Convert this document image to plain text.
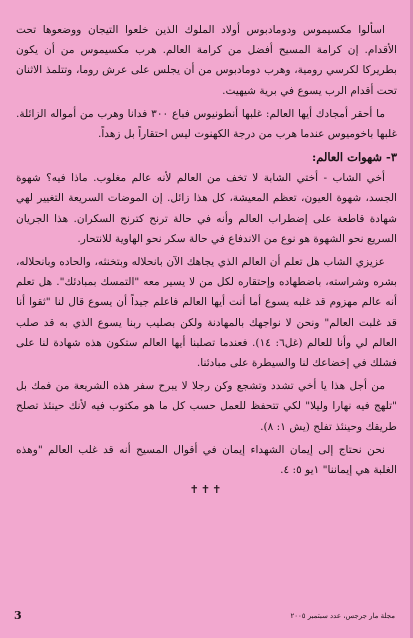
اسألوا مكسيموس ودومادبوس أولاد الملوك الذين خلعوا التيجان ووضعوها تحت الأقدام. إن كرامة المسيح أفضل من كرامة العالم. هرب مكسيموس من أن يكون بطريركا لكرسي رومية، وهرب دومادبوس من أن يجلس على عرش روما، وتتلمذ الاثنان تحت أقدام الرب يسوع في برية شيهيت.

ما أحقر أمجادك أيها العالم: غلبها أنطونيوس فباع ٣٠٠ فدانا وهرب من أمواله الزائلة. غلبها باخوميوس عندما هرب من درجة الكهنوت ليس احتقاراً بل زهداً.

٣- شهوات العالم:

أخي الشاب - أختي الشابة لا تخف من العالم لأنه عالم مغلوب. ماذا فيه؟ شهوة الجسد، شهوة العيون، تعظم المعيشة، كل هذا زائل. إن الموضات السريعة التغيير لهي شهادة قاطعة على إضطراب العالم وأنه في حالة ترنح كترنح السكران. هذا الجريان السريع نحو الشهوة هو نوع من الاندفاع في حالة سكر نحو الهاوية للانتحار.

عزيزي الشاب هل تعلم أن العالم الذي يجاهك الآن بانحلاله وبتخنثه، والحاده وبانحلاله، بشره وشراسته، باضطهاده وإحتقاره لكل من لا يسير معه "التمسك بمبادئك". هل تعلم أنه عالم مهزوم قد غلبه يسوع أما أنت أيها العالم فاعلم جيداً أن يسوع قال لنا "ثقوا أنا قد غلبت العالم" ونحن لا نواجهك بالمهادنة ولكن بصليب ربنا يسوع الذي به قد صلب العالم لي وأنا للعالم (غل٦: ١٤). فعندما تصلبنا أيها العالم ستكون هذه شهادة لنا على فشلك في إخضاعك لنا والسيطرة على مبادئنا.

من أجل هذا يا أخي تشدد وتشجع وكن رجلا لا يبرح سفر هذه الشريعة من فمك بل "تلهج فيه نهارا وليلا" لكي تتحفظ للعمل حسب كل ما هو مكتوب فيه لأنك حينئذ تصلح طريقك وحينئذ تفلح (يش ١: ٨).

نحن نحتاج إلى إيمان الشهداء إيمان في أقوال المسيح أنه قد غلب العالم "وهذه الغلبة هي إيماننا" ١يو ٥: ٤.

✝✝✝
3	مجلة مار جرجس، عدد سبتمبر ٢٠٠٥
